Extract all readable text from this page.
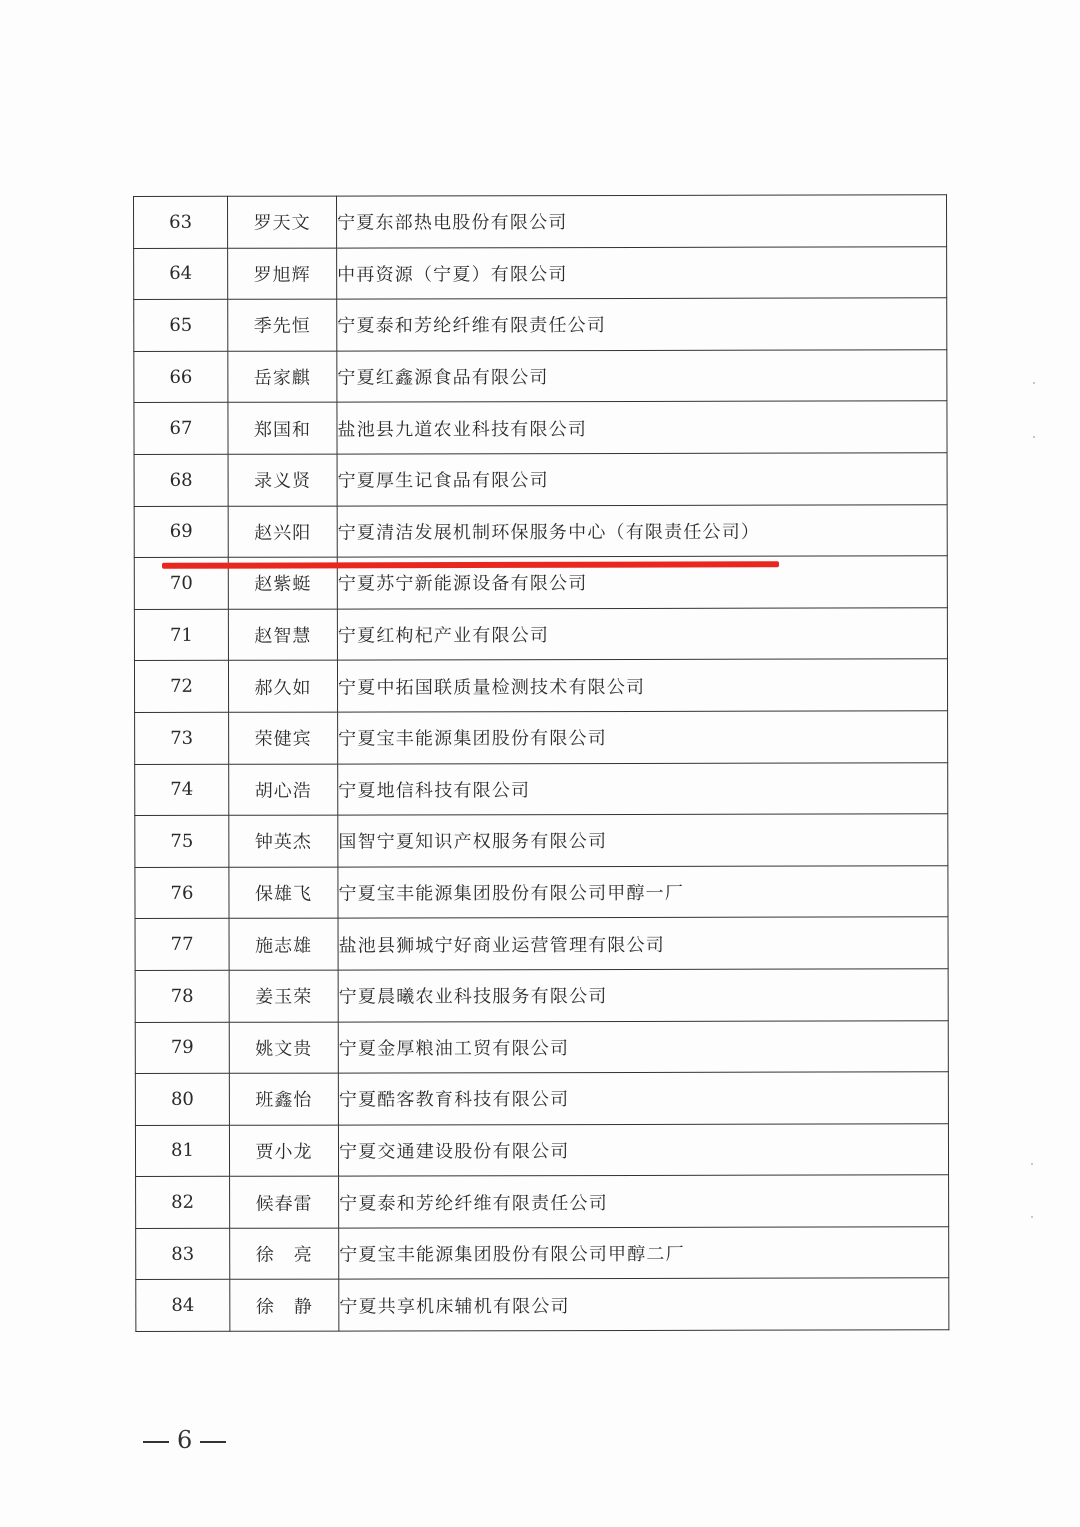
63	罗天文	宁夏东部热电股份有限公司
64	罗旭辉	中再资源（宁夏）有限公司
65	季先恒	宁夏泰和芳纶纤维有限责任公司
66	岳家麒	宁夏红鑫源食品有限公司
67	郑国和	盐池县九道农业科技有限公司
68	录义贤	宁夏厚生记食品有限公司
69	赵兴阳	宁夏清洁发展机制环保服务中心（有限责任公司）
70	赵紫蜓	宁夏苏宁新能源设备有限公司
71	赵智慧	宁夏红枸杞产业有限公司
72	郝久如	宁夏中拓国联质量检测技术有限公司
73	荣健宾	宁夏宝丰能源集团股份有限公司
74	胡心浩	宁夏地信科技有限公司
75	钟英杰	国智宁夏知识产权服务有限公司
76	保雄飞	宁夏宝丰能源集团股份有限公司甲醇一厂
77	施志雄	盐池县狮城宁好商业运营管理有限公司
78	姜玉荣	宁夏晨曦农业科技服务有限公司
79	姚文贵	宁夏金厚粮油工贸有限公司
80	班鑫怡	宁夏酷客教育科技有限公司
81	贾小龙	宁夏交通建设股份有限公司
82	候春雷	宁夏泰和芳纶纤维有限责任公司
83	徐　亮	宁夏宝丰能源集团股份有限公司甲醇二厂
84	徐　静	宁夏共享机床辅机有限公司
6
